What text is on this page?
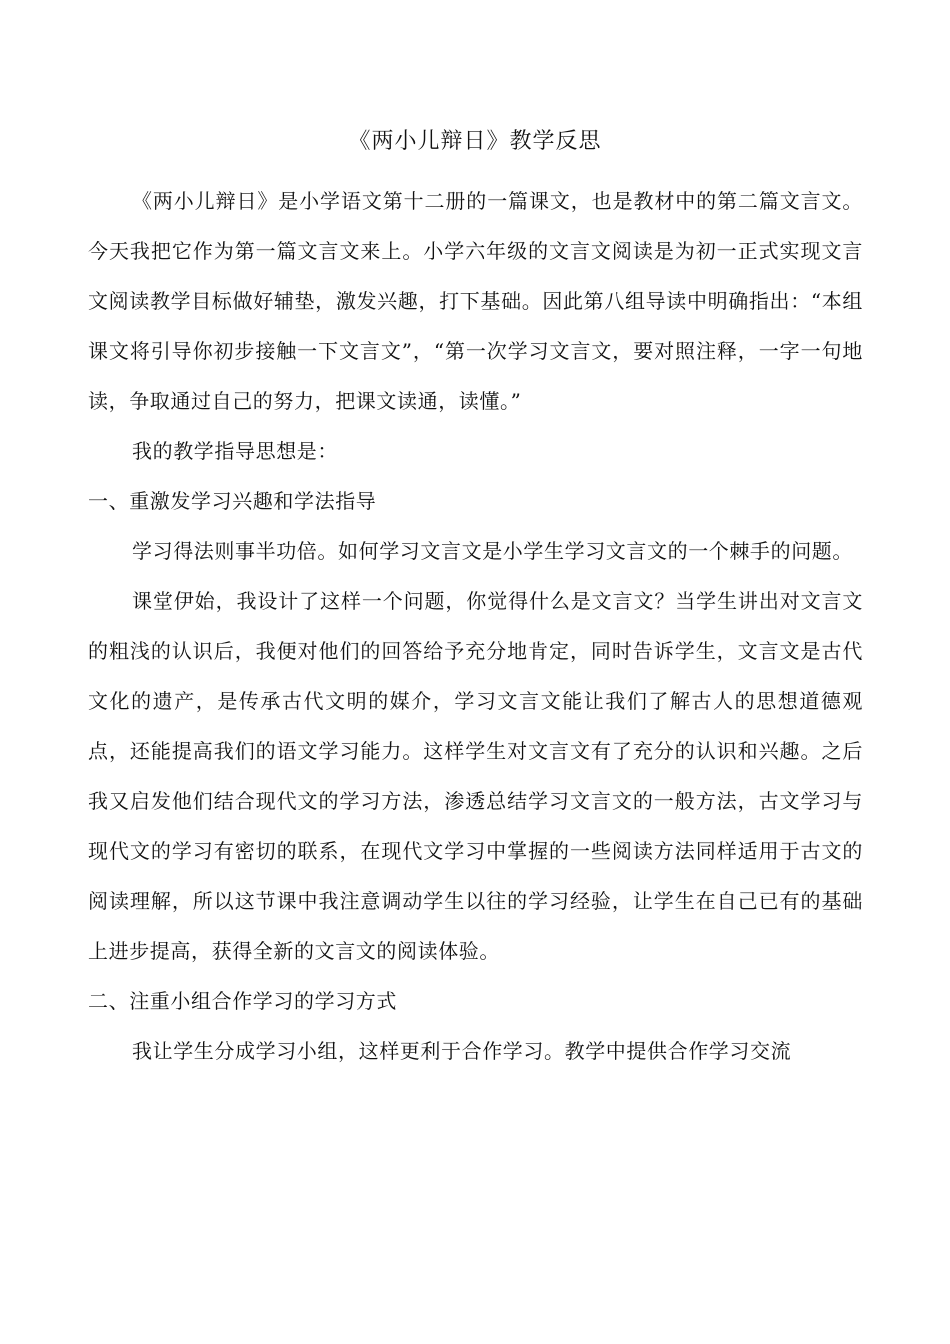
《两小儿辩日》教学反思

《两小儿辩日》是小学语文第十二册的一篇课文，也是教材中的第二篇文言文。今天我把它作为第一篇文言文来上。小学六年级的文言文阅读是为初一正式实现文言文阅读教学目标做好辅垫，激发兴趣，打下基础。因此第八组导读中明确指出：“本组课文将引导你初步接触一下文言文”，“第一次学习文言文，要对照注释，一字一句地读，争取通过自己的努力，把课文读通，读懂。”

我的教学指导思想是：

一、重激发学习兴趣和学法指导

学习得法则事半功倍。如何学习文言文是小学生学习文言文的一个棘手的问题。

课堂伊始，我设计了这样一个问题，你觉得什么是文言文？当学生讲出对文言文的粗浅的认识后，我便对他们的回答给予充分地肯定，同时告诉学生，文言文是古代文化的遗产，是传承古代文明的媒介，学习文言文能让我们了解古人的思想道德观点，还能提高我们的语文学习能力。这样学生对文言文有了充分的认识和兴趣。之后我又启发他们结合现代文的学习方法，渗透总结学习文言文的一般方法，古文学习与现代文的学习有密切的联系，在现代文学习中掌握的一些阅读方法同样适用于古文的阅读理解，所以这节课中我注意调动学生以往的学习经验，让学生在自己已有的基础上进步提高，获得全新的文言文的阅读体验。

二、注重小组合作学习的学习方式

我让学生分成学习小组，这样更利于合作学习。教学中提供合作学习交流
